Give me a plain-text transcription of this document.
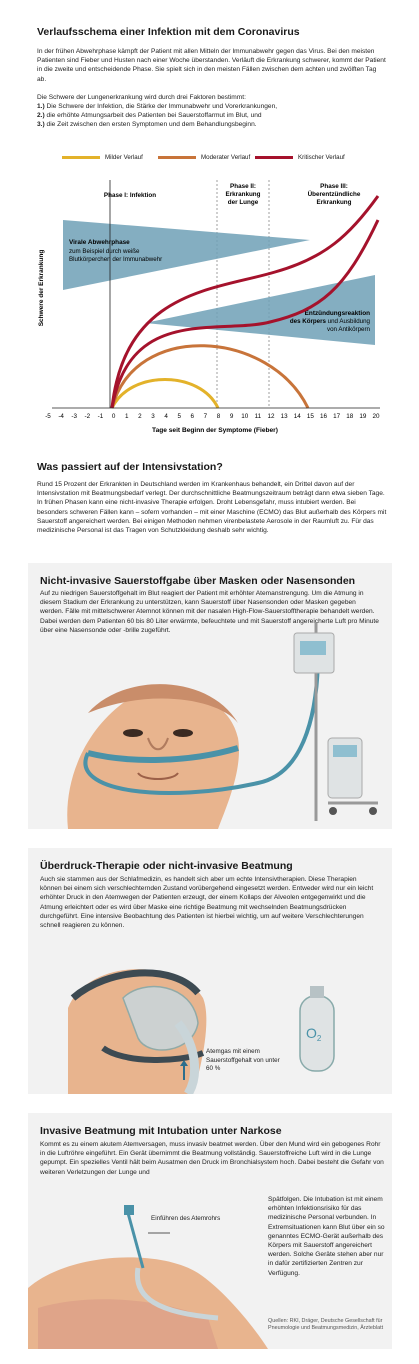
Verlaufsschema einer Infektion mit dem Coronavirus

In der frühen Abwehrphase kämpft der Patient mit allen Mitteln der Immunabwehr gegen das Virus. Bei den meisten Patienten sind Fieber und Husten nach einer Woche überstanden. Verläuft die Erkrankung schwerer, kommt der Patient in die zweite und entscheidende Phase. Sie spielt sich in den meisten Fällen zwischen dem achten und zwölften Tag ab.

Die Schwere der Lungenerkrankung wird durch drei Faktoren bestimmt:

1.) Die Schwere der Infektion, die Stärke der Immunabwehr und Vorerkrankungen,

2.) die erhöhte Atmungsarbeit des Patienten bei Sauerstoffarmut im Blut, und

3.) die Zeit zwischen den ersten Symptomen und dem Behandlungsbeginn.

Milder Verlauf	Moderater Verlauf	Kritischer Verlauf
Schwere der Erkrankung
Phase I: Infektion
Phase II: Erkrankung der Lunge
Phase III: Überentzündliche Erkrankung
Virale Abwehrphase
zum Beispiel durch weiße Blutkörperchen der Immunabwehr
Entzündungsreaktion
des Körpers und Ausbildung von Antikörpern
-5 -4 -3 -2 -1 0 1 2 3 4 5 6 7 8 9 10 11 12 13 14 15 16 17 18 19 20
Tage seit Beginn der Symptome (Fieber)
Was passiert auf der Intensivstation?

Rund 15 Prozent der Erkrankten in Deutschland werden im Krankenhaus behandelt, ein Drittel davon auf der Intensivstation mit Beatmungsbedarf verlegt. Der durchschnittliche Beatmungszeitraum beträgt dann etwa sieben Tage. In frühen Phasen kann eine nicht-invasive Therapie erfolgen. Droht Lebensgefahr, muss intubiert werden. Bei besonders schweren Fällen kann – sofern vorhanden – mit einer Maschine (ECMO) das Blut außerhalb des Körpers mit Sauerstoff angereichert werden. Bei einigen Methoden nehmen virenbelastete Aerosole in der Raumluft zu. Für das medizinische Personal ist das Tragen von Schutzkleidung deshalb sehr wichtig.

Nicht-invasive Sauerstoffgabe über Masken oder Nasensonden

Auf zu niedrigen Sauerstoffgehalt im Blut reagiert der Patient mit erhöhter Atemanstrengung. Um die Atmung in diesem Stadium der Erkrankung zu unterstützen, kann Sauerstoff über Nasensonden oder Masken gegeben werden. Fälle mit mittelschwerer Atemnot können mit der nasalen High-Flow-Sauerstofftherapie behandelt werden. Dabei werden dem Patienten 60 bis 80 Liter erwärmte, befeuchtete und mit Sauerstoff angereicherte Luft pro Minute über eine Nasensonde oder -brille zugeführt.

Überdruck-Therapie oder nicht-invasive Beatmung

Auch sie stammen aus der Schlafmedizin, es handelt sich aber um echte Intensivtherapien. Diese Therapien können bei einem sich verschlechternden Zustand vorübergehend eingesetzt werden. Entweder wird nur ein leicht erhöhter Druck in den Atemwegen der Patienten erzeugt, der einem Kollaps der Alveolen entgegenwirkt und die Atmung erleichtert oder es wird über Maske eine richtige Beatmung mit wechselnden Beatmungsdrücken durchgeführt. Eine intensive Beobachtung des Patienten ist hierbei wichtig, um auf weitere Verschlechterungen schnell reagieren zu können.

$O_2$

Atemgas mit einem Sauerstoffgehalt von unter 60 %

Invasive Beatmung mit Intubation unter Narkose

Kommt es zu einem akutem Atemversagen, muss invasiv beatmet werden. Über den Mund wird ein gebogenes Rohr in die Luftröhre eingeführt. Ein Gerät übernimmt die Beatmung vollständig. Sauerstoffreiche Luft wird in die Lunge gepumpt. Ein spezielles Ventil hält beim Ausatmen den Druck im Bronchialsystem hoch. Dabei besteht die Gefahr von weiteren Verletzungen der Lunge und

Spätfolgen. Die Intubation ist mit einem erhöhten Infektionsrisiko für das medizinische Personal verbunden. In Extremsituationen kann Blut über ein so genanntes ECMO-Gerät außerhalb des Körpers mit Sauerstoff angereichert werden. Solche Geräte stehen aber nur in dafür zertifizierten Zentren zur Verfügung.

Einführen des Atemrohrs

Quellen: RKI, Dräger, Deutsche Gesellschaft für Pneumologie und Beatmungsmedizin, Ärzteblatt
